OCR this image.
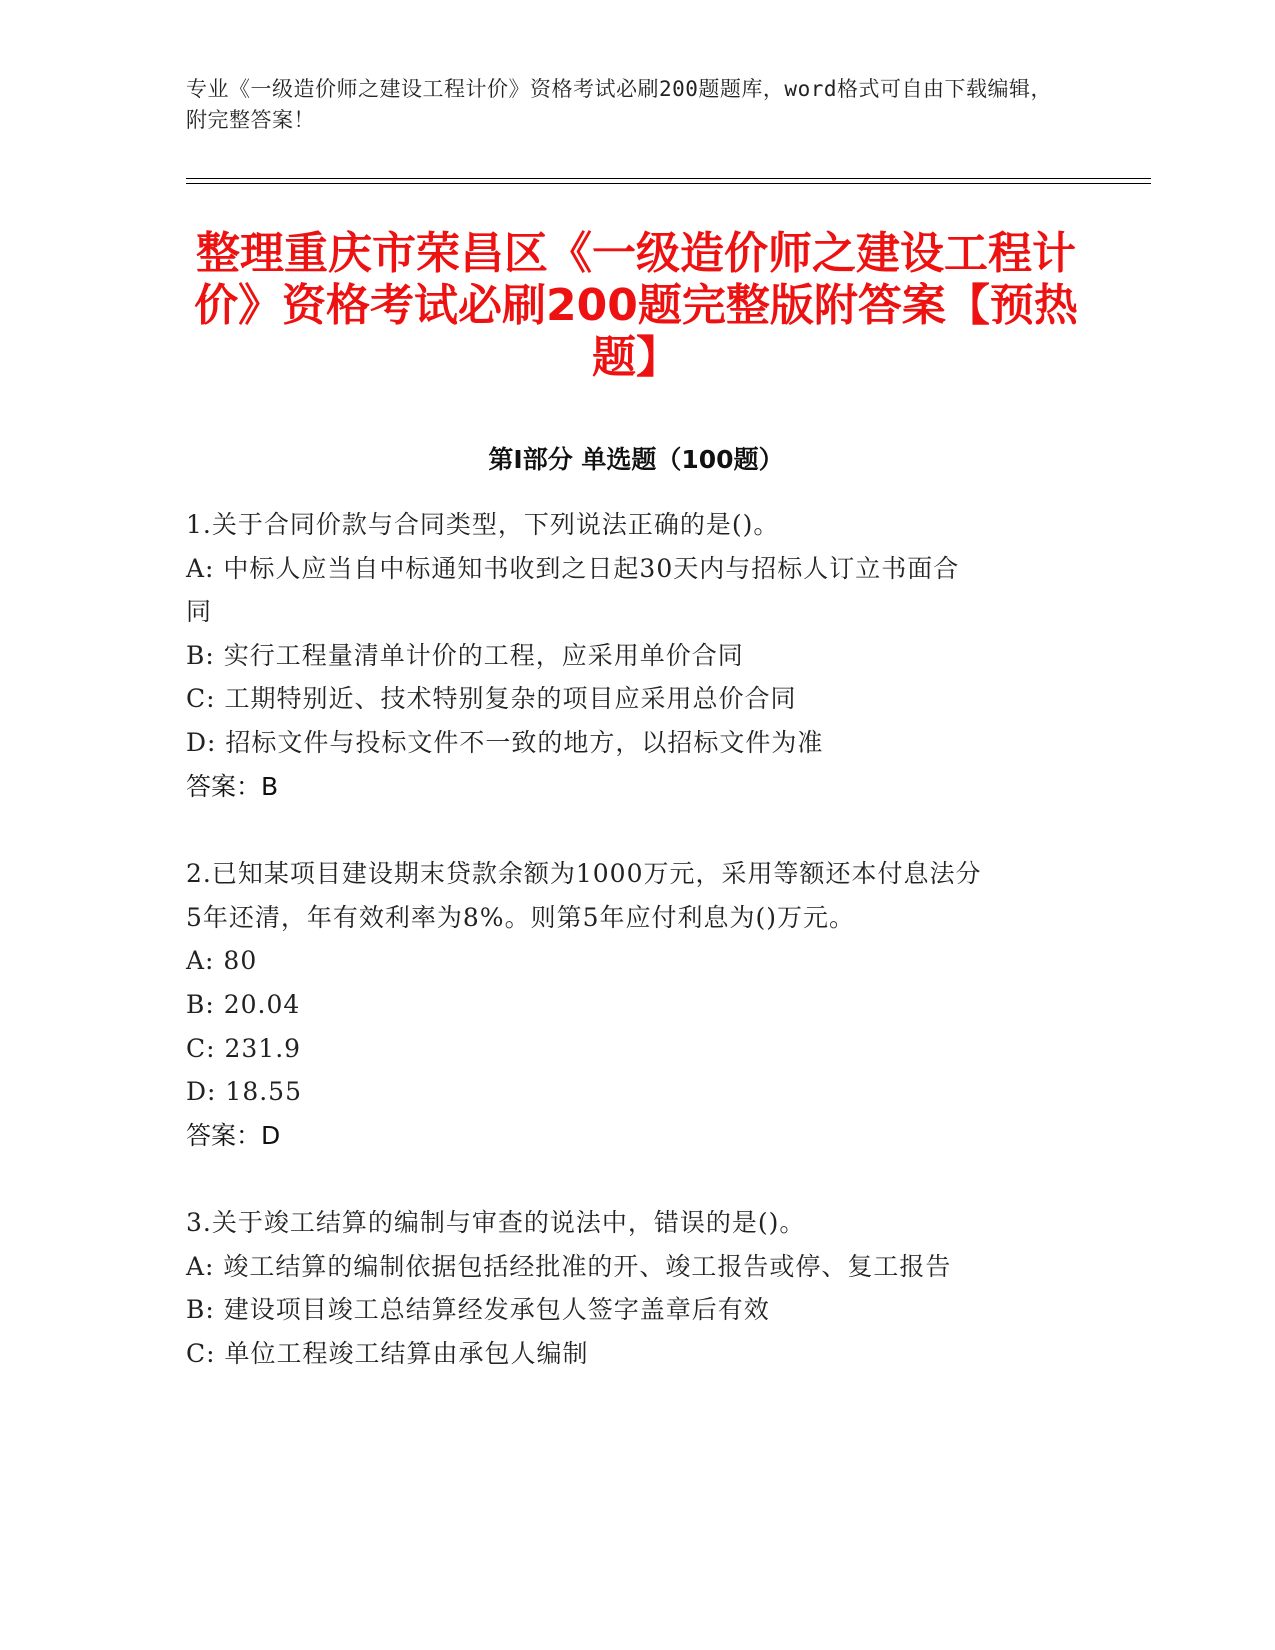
专业《一级造价师之建设工程计价》资格考试必刷200题题库，word格式可自由下载编辑，附完整答案！
整理重庆市荣昌区《一级造价师之建设工程计价》资格考试必刷200题完整版附答案【预热题】
第Ⅰ部分 单选题（100题）
1.关于合同价款与合同类型，下列说法正确的是()。
A: 中标人应当自中标通知书收到之日起30天内与招标人订立书面合
同
B: 实行工程量清单计价的工程，应采用单价合同
C: 工期特别近、技术特别复杂的项目应采用总价合同
D: 招标文件与投标文件不一致的地方，以招标文件为准
答案：B
2.已知某项目建设期末贷款余额为1000万元，采用等额还本付息法分
5年还清，年有效利率为8%。则第5年应付利息为()万元。
A: 80
B: 20.04
C: 231.9
D: 18.55
答案：D
3.关于竣工结算的编制与审查的说法中，错误的是()。
A: 竣工结算的编制依据包括经批准的开、竣工报告或停、复工报告
B: 建设项目竣工总结算经发承包人签字盖章后有效
C: 单位工程竣工结算由承包人编制
